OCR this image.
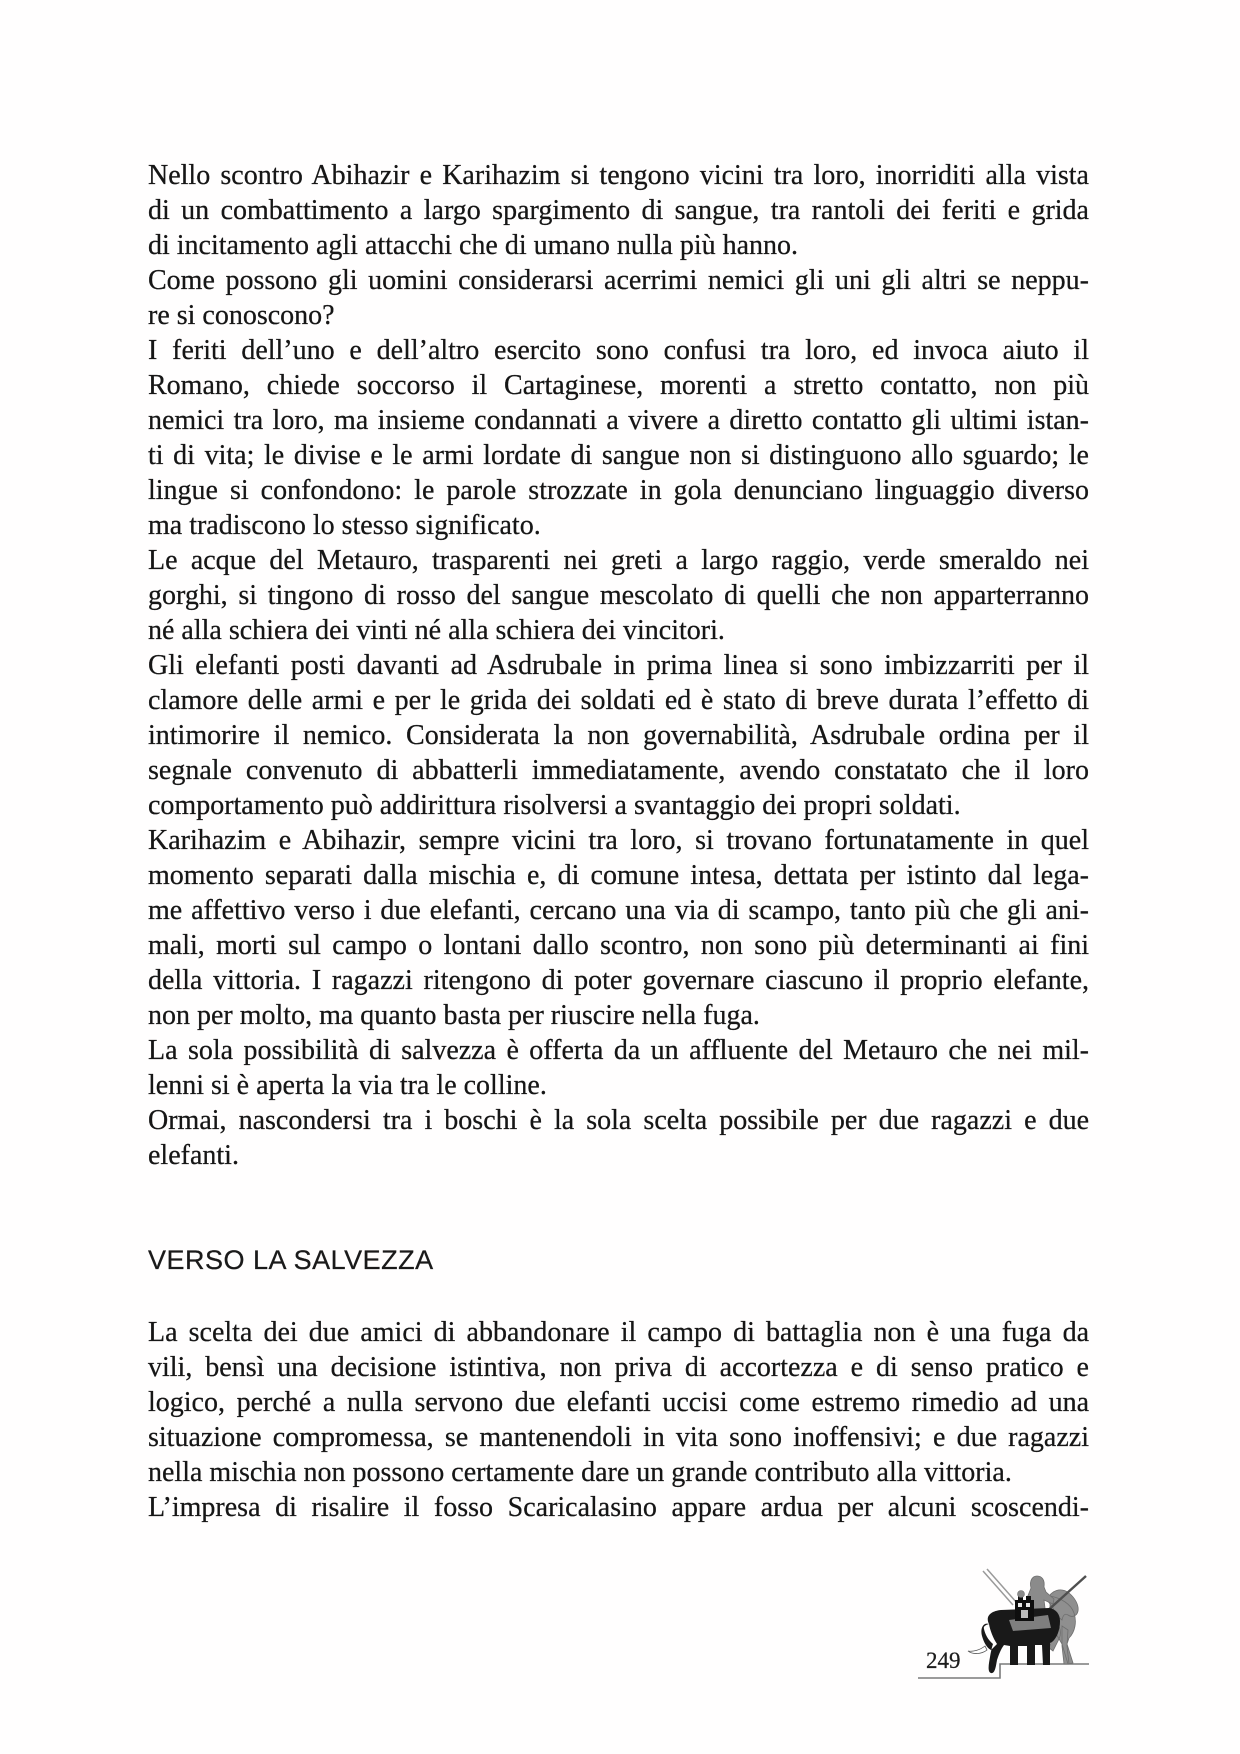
Nello scontro Abihazir e Karihazim si tengono vicini tra loro, inorriditi alla vista
di un combattimento a largo spargimento di sangue, tra rantoli dei feriti e grida
di incitamento agli attacchi che di umano nulla più hanno.
Come possono gli uomini considerarsi acerrimi nemici gli uni gli altri se neppu-
re si conoscono?
I feriti dell’uno e dell’altro esercito sono confusi tra loro, ed invoca aiuto il
Romano, chiede soccorso il Cartaginese, morenti a stretto contatto, non più
nemici tra loro, ma insieme condannati a vivere a diretto contatto gli ultimi istan-
ti di vita; le divise e le armi lordate di sangue non si distinguono allo sguardo; le
lingue si confondono: le parole strozzate in gola denunciano linguaggio diverso
ma tradiscono lo stesso significato.
Le acque del Metauro, trasparenti nei greti a largo raggio, verde smeraldo nei
gorghi, si tingono di rosso del sangue mescolato di quelli che non apparterranno
né alla schiera dei vinti né alla schiera dei vincitori.
Gli elefanti posti davanti ad Asdrubale in prima linea si sono imbizzarriti per il
clamore delle armi e per le grida dei soldati ed è stato di breve durata l’effetto di
intimorire il nemico. Considerata la non governabilità, Asdrubale ordina per il
segnale convenuto di abbatterli immediatamente, avendo constatato che il loro
comportamento può addirittura risolversi a svantaggio dei propri soldati.
Karihazim e Abihazir, sempre vicini tra loro, si trovano fortunatamente in quel
momento separati dalla mischia e, di comune intesa, dettata per istinto dal lega-
me affettivo verso i due elefanti, cercano una via di scampo, tanto più che gli ani-
mali, morti sul campo o lontani dallo scontro, non sono più determinanti ai fini
della vittoria. I ragazzi ritengono di poter governare ciascuno il proprio elefante,
non per molto, ma quanto basta per riuscire nella fuga.
La sola possibilità di salvezza è offerta da un affluente del Metauro che nei mil-
lenni si è aperta la via tra le colline.
Ormai, nascondersi tra i boschi è la sola scelta possibile per due ragazzi e due
elefanti.
VERSO LA SALVEZZA
La scelta dei due amici di abbandonare il campo di battaglia non è una fuga da
vili, bensì una decisione istintiva, non priva di accortezza e di senso pratico e
logico, perché a nulla servono due elefanti uccisi come estremo rimedio ad una
situazione compromessa, se mantenendoli in vita sono inoffensivi; e due ragazzi
nella mischia non possono certamente dare un grande contributo alla vittoria.
L’impresa di risalire il fosso Scaricalasino appare ardua per alcuni scoscendi-
249
